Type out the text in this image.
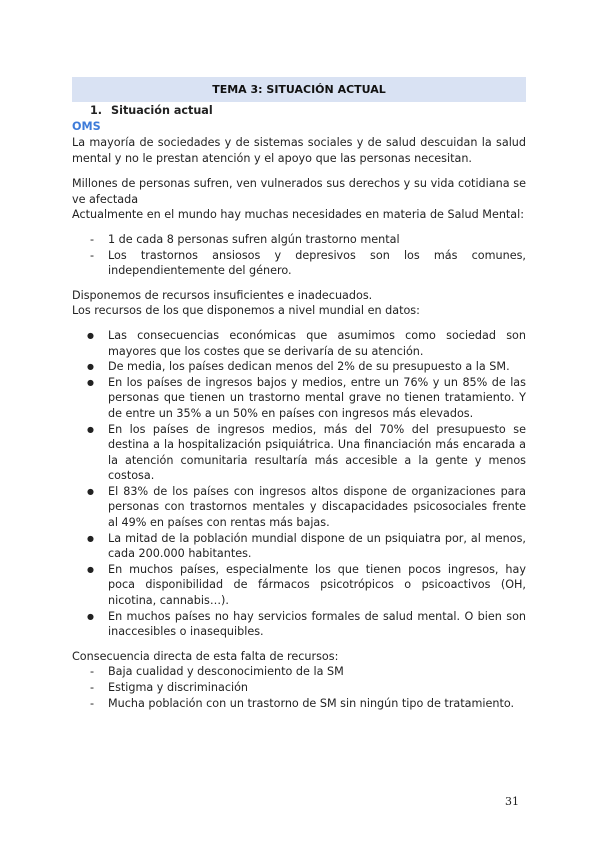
TEMA 3: SITUACIÓN ACTUAL
1. Situación actual
OMS

La mayoría de sociedades y de sistemas sociales y de salud descuidan la salud mental y no le prestan atención y el apoyo que las personas necesitan.

Millones de personas sufren, ven vulnerados sus derechos y su vida cotidiana se ve afectada

Actualmente en el mundo hay muchas necesidades en materia de Salud Mental:

- 1 de cada 8 personas sufren algún trastorno mental
- Los trastornos ansiosos y depresivos son los más comunes, independientemente del género.

Disponemos de recursos insuficientes e inadecuados.

Los recursos de los que disponemos a nivel mundial en datos:

● Las consecuencias económicas que asumimos como sociedad son mayores que los costes que se derivaría de su atención.
● De media, los países dedican menos del 2% de su presupuesto a la SM.
● En los países de ingresos bajos y medios, entre un 76% y un 85% de las personas que tienen un trastorno mental grave no tienen tratamiento. Y de entre un 35% a un 50% en países con ingresos más elevados.
● En los países de ingresos medios, más del 70% del presupuesto se destina a la hospitalización psiquiátrica. Una financiación más encarada a la atención comunitaria resultaría más accesible a la gente y menos costosa.
● El 83% de los países con ingresos altos dispone de organizaciones para personas con trastornos mentales y discapacidades psicosociales frente al 49% en países con rentas más bajas.
● La mitad de la población mundial dispone de un psiquiatra por, al menos, cada 200.000 habitantes.
● En muchos países, especialmente los que tienen pocos ingresos, hay poca disponibilidad de fármacos psicotrópicos o psicoactivos (OH, nicotina, cannabis…).
● En muchos países no hay servicios formales de salud mental. O bien son inaccesibles o inasequibles.

Consecuencia directa de esta falta de recursos:

- Baja cualidad y desconocimiento de la SM
- Estigma y discriminación
- Mucha población con un trastorno de SM sin ningún tipo de tratamiento.
31
